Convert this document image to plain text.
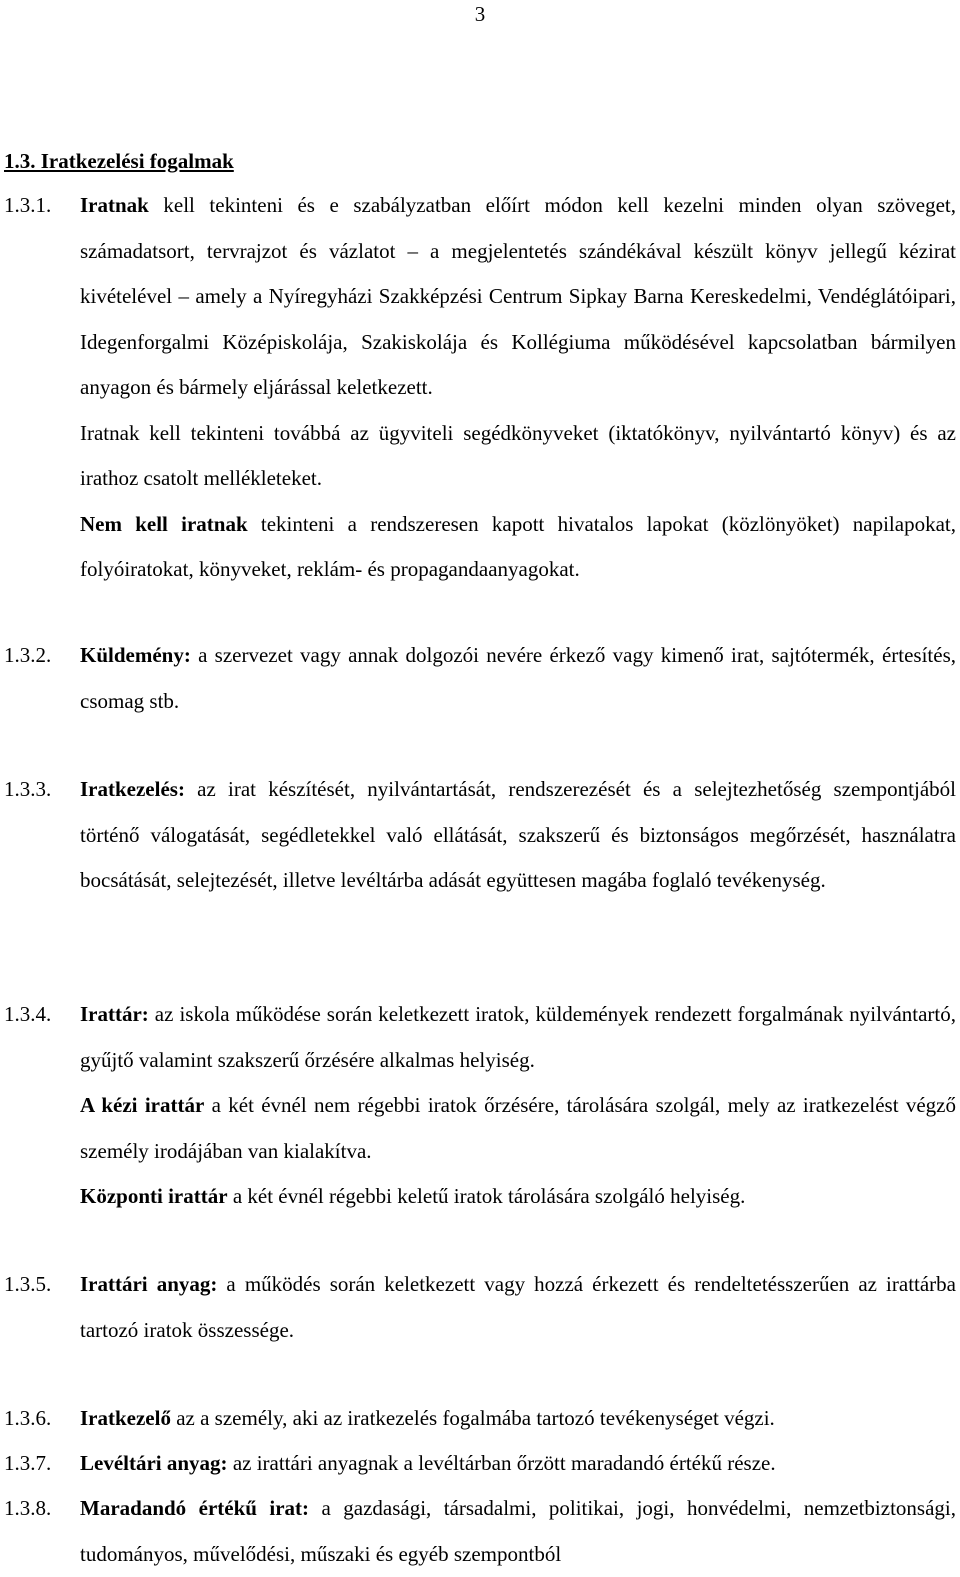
3
1.3. Iratkezelési fogalmak
1.3.1. Iratnak kell tekinteni és e szabályzatban előírt módon kell kezelni minden olyan szöveget, számadatsort, tervrajzot és vázlatot – a megjelentetés szándékával készült könyv jellegű kézirat kivételével – amely a Nyíregyházi Szakképzési Centrum Sipkay Barna Kereskedelmi, Vendéglátóipari, Idegenforgalmi Középiskolája, Szakiskolája és Kollégiuma működésével kapcsolatban bármilyen anyagon és bármely eljárással keletkezett.

Iratnak kell tekinteni továbbá az ügyviteli segédkönyveket (iktatókönyv, nyilvántartó könyv) és az irathoz csatolt mellékleteket.

Nem kell iratnak tekinteni a rendszeresen kapott hivatalos lapokat (közlönyöket) napilapokat, folyóiratokat, könyveket, reklám- és propagandaanyagokat.

1.3.2. Küldemény: a szervezet vagy annak dolgozói nevére érkező vagy kimenő irat, sajtótermék, értesítés, csomag stb.

1.3.3. Iratkezelés: az irat készítését, nyilvántartását, rendszerezését és a selejtezhetőség szempontjából történő válogatását, segédletekkel való ellátását, szakszerű és biztonságos megőrzését, használatra bocsátását, selejtezését, illetve levéltárba adását együttesen magába foglaló tevékenység.

1.3.4. Irattár: az iskola működése során keletkezett iratok, küldemények rendezett forgalmának nyilvántartó, gyűjtő valamint szakszerű őrzésére alkalmas helyiség.

A kézi irattár a két évnél nem régebbi iratok őrzésére, tárolására szolgál, mely az iratkezelést végző személy irodájában van kialakítva.

Központi irattár a két évnél régebbi keletű iratok tárolására szolgáló helyiség.

1.3.5. Irattári anyag: a működés során keletkezett vagy hozzá érkezett és rendeltetésszerűen az irattárba tartozó iratok összessége.

1.3.6. Iratkezelő az a személy, aki az iratkezelés fogalmába tartozó tevékenységet végzi.

1.3.7. Levéltári anyag: az irattári anyagnak a levéltárban őrzött maradandó értékű része.

1.3.8. Maradandó értékű irat: a gazdasági, társadalmi, politikai, jogi, honvédelmi, nemzetbiztonsági, tudományos, művelődési, műszaki és egyéb szempontból
